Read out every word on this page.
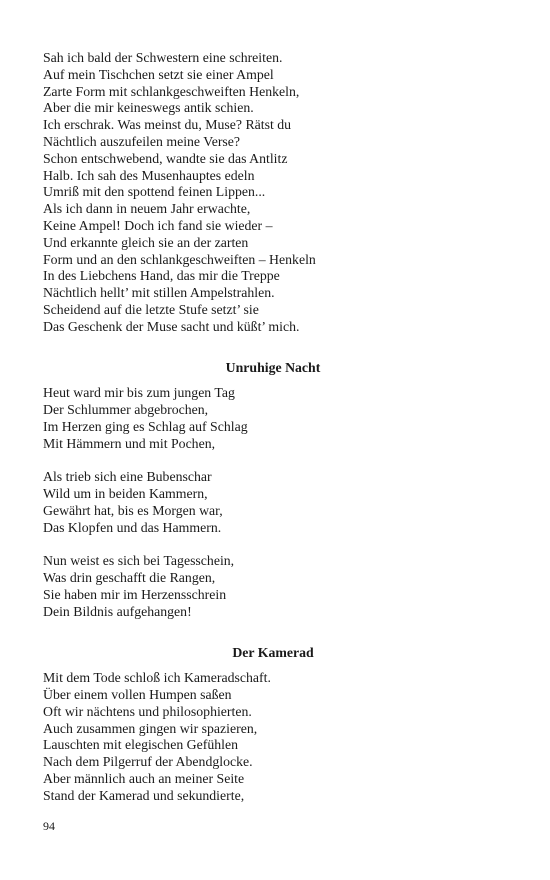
Sah ich bald der Schwestern eine schreiten.
Auf mein Tischchen setzt sie einer Ampel
Zarte Form mit schlankgeschweiften Henkeln,
Aber die mir keineswegs antik schien.
Ich erschrak. Was meinst du, Muse? Rätst du
Nächtlich auszufeilen meine Verse?
Schon entschwebend, wandte sie das Antlitz
Halb. Ich sah des Musenhauptes edeln
Umriß mit den spottend feinen Lippen...
Als ich dann in neuem Jahr erwachte,
Keine Ampel! Doch ich fand sie wieder –
Und erkannte gleich sie an der zarten
Form und an den schlankgeschweiften – Henkeln
In des Liebchens Hand, das mir die Treppe
Nächtlich hellt’ mit stillen Ampelstrahlen.
Scheidend auf die letzte Stufe setzt’ sie
Das Geschenk der Muse sacht und küßt’ mich.
Unruhige Nacht
Heut ward mir bis zum jungen Tag
Der Schlummer abgebrochen,
Im Herzen ging es Schlag auf Schlag
Mit Hämmern und mit Pochen,
Als trieb sich eine Bubenschar
Wild um in beiden Kammern,
Gewährt hat, bis es Morgen war,
Das Klopfen und das Hammern.
Nun weist es sich bei Tagesschein,
Was drin geschafft die Rangen,
Sie haben mir im Herzensschrein
Dein Bildnis aufgehangen!
Der Kamerad
Mit dem Tode schloß ich Kameradschaft.
Über einem vollen Humpen saßen
Oft wir nächtens und philosophierten.
Auch zusammen gingen wir spazieren,
Lauschten mit elegischen Gefühlen
Nach dem Pilgerruf der Abendglocke.
Aber männlich auch an meiner Seite
Stand der Kamerad und sekundierte,
94
